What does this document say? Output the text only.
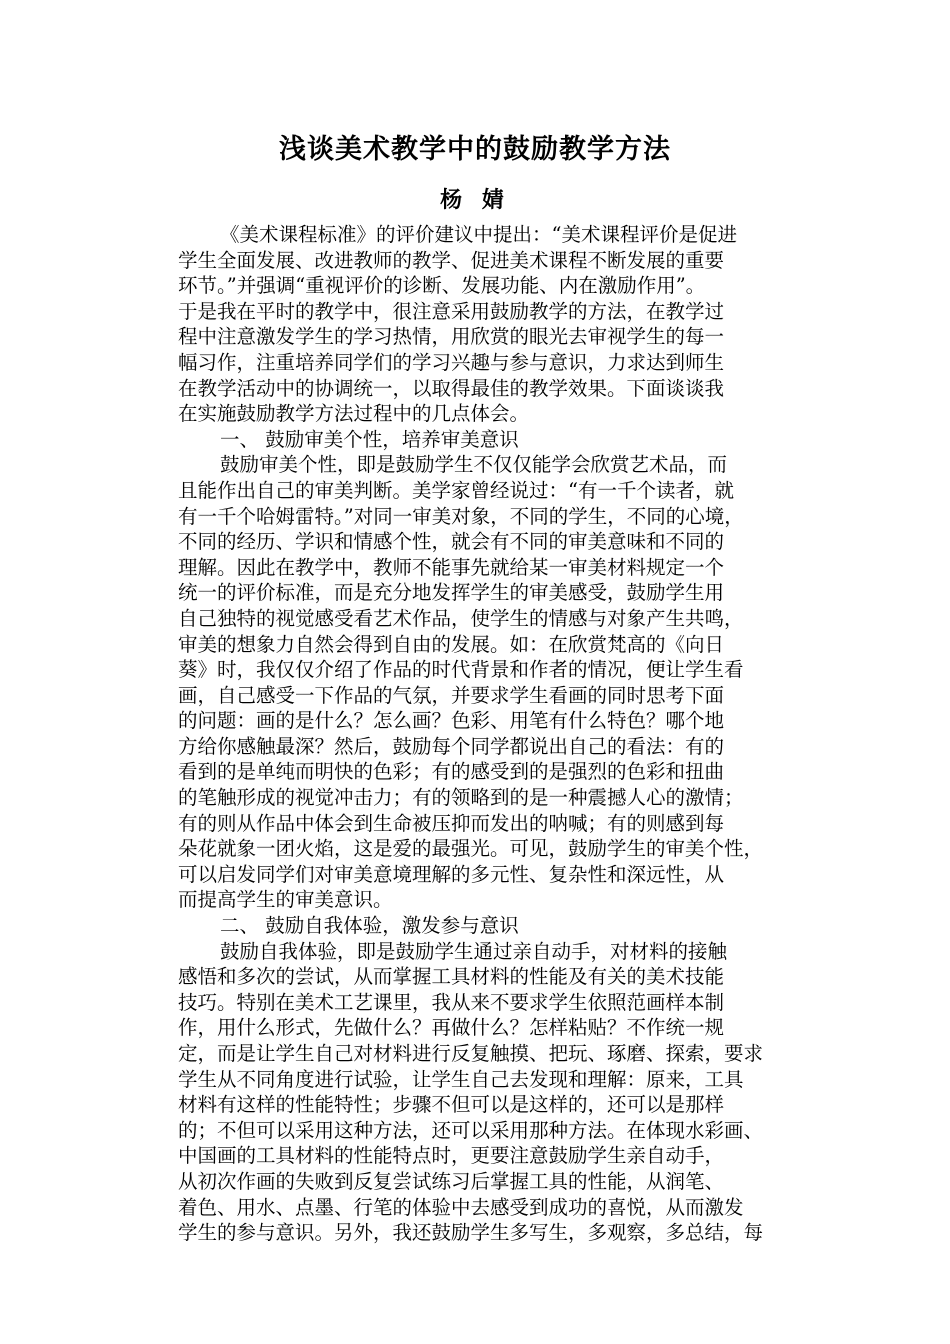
浅谈美术教学中的鼓励教学方法
杨 婧
《美术课程标准》的评价建议中提出：“美术课程评价是促进
学生全面发展、改进教师的教学、促进美术课程不断发展的重要
环节。”并强调“重视评价的诊断、发展功能、内在激励作用”。
于是我在平时的教学中，很注意采用鼓励教学的方法，在教学过
程中注意激发学生的学习热情，用欣赏的眼光去审视学生的每一
幅习作，注重培养同学们的学习兴趣与参与意识，力求达到师生
在教学活动中的协调统一，以取得最佳的教学效果。下面谈谈我
在实施鼓励教学方法过程中的几点体会。
一、 鼓励审美个性，培养审美意识
鼓励审美个性，即是鼓励学生不仅仅能学会欣赏艺术品，而
且能作出自己的审美判断。美学家曾经说过：“有一千个读者，就
有一千个哈姆雷特。”对同一审美对象，不同的学生，不同的心境，
不同的经历、学识和情感个性，就会有不同的审美意味和不同的
理解。因此在教学中，教师不能事先就给某一审美材料规定一个
统一的评价标准，而是充分地发挥学生的审美感受，鼓励学生用
自己独特的视觉感受看艺术作品，使学生的情感与对象产生共鸣，
审美的想象力自然会得到自由的发展。如：在欣赏梵高的《向日
葵》时，我仅仅介绍了作品的时代背景和作者的情况，便让学生看
画，自己感受一下作品的气氛，并要求学生看画的同时思考下面
的问题：画的是什么？怎么画？色彩、用笔有什么特色？哪个地
方给你感触最深？然后，鼓励每个同学都说出自己的看法：有的
看到的是单纯而明快的色彩；有的感受到的是强烈的色彩和扭曲
的笔触形成的视觉冲击力；有的领略到的是一种震撼人心的激情；
有的则从作品中体会到生命被压抑而发出的呐喊；有的则感到每
朵花就象一团火焰，这是爱的最强光。可见，鼓励学生的审美个性，
可以启发同学们对审美意境理解的多元性、复杂性和深远性，从
而提高学生的审美意识。
二、 鼓励自我体验，激发参与意识
鼓励自我体验，即是鼓励学生通过亲自动手，对材料的接触
感悟和多次的尝试，从而掌握工具材料的性能及有关的美术技能
技巧。特别在美术工艺课里，我从来不要求学生依照范画样本制
作，用什么形式，先做什么？再做什么？怎样粘贴？不作统一规
定，而是让学生自己对材料进行反复触摸、把玩、琢磨、探索，要求
学生从不同角度进行试验，让学生自己去发现和理解：原来，工具
材料有这样的性能特性；步骤不但可以是这样的，还可以是那样
的；不但可以采用这种方法，还可以采用那种方法。在体现水彩画、
中国画的工具材料的性能特点时，更要注意鼓励学生亲自动手，
从初次作画的失败到反复尝试练习后掌握工具的性能，从润笔、
着色、用水、点墨、行笔的体验中去感受到成功的喜悦，从而激发
学生的参与意识。另外，我还鼓励学生多写生，多观察，多总结，每
